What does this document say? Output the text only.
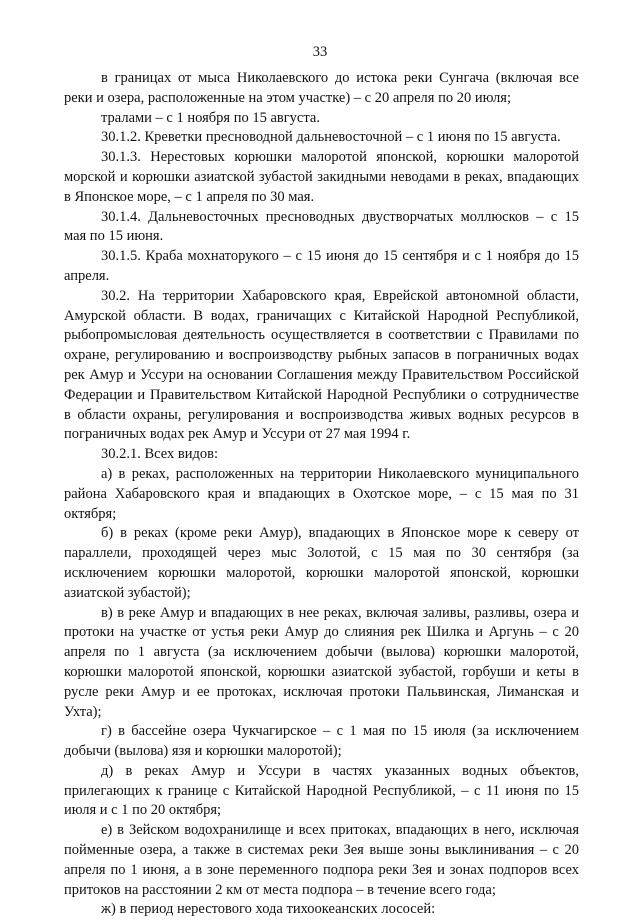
33

в границах от мыса Николаевского до истока реки Сунгача (включая все реки и озера, расположенные на этом участке) – с 20 апреля по 20 июля;

тралами – с 1 ноября по 15 августа.

30.1.2. Креветки пресноводной дальневосточной – с 1 июня по 15 августа.

30.1.3. Нерестовых корюшки малоротой японской, корюшки малоротой морской и корюшки азиатской зубастой закидными неводами в реках, впадающих в Японское море, – с 1 апреля по 30 мая.

30.1.4. Дальневосточных пресноводных двустворчатых моллюсков – с 15 мая по 15 июня.

30.1.5. Краба мохнаторукого – с 15 июня до 15 сентября и с 1 ноября до 15 апреля.

30.2. На территории Хабаровского края, Еврейской автономной области, Амурской области. В водах, граничащих с Китайской Народной Республикой, рыбопромысловая деятельность осуществляется в соответствии с Правилами по охране, регулированию и воспроизводству рыбных запасов в пограничных водах рек Амур и Уссури на основании Соглашения между Правительством Российской Федерации и Правительством Китайской Народной Республики о сотрудничестве в области охраны, регулирования и воспроизводства живых водных ресурсов в пограничных водах рек Амур и Уссури от 27 мая 1994 г.

30.2.1. Всех видов:

а) в реках, расположенных на территории Николаевского муниципального района Хабаровского края и впадающих в Охотское море, – с 15 мая по 31 октября;

б) в реках (кроме реки Амур), впадающих в Японское море к северу от параллели, проходящей через мыс Золотой, с 15 мая по 30 сентября (за исключением корюшки малоротой, корюшки малоротой японской, корюшки азиатской зубастой);

в) в реке Амур и впадающих в нее реках, включая заливы, разливы, озера и протоки на участке от устья реки Амур до слияния рек Шилка и Аргунь – с 20 апреля по 1 августа (за исключением добычи (вылова) корюшки малоротой, корюшки малоротой японской, корюшки азиатской зубастой, горбуши и кеты в русле реки Амур и ее протоках, исключая протоки Пальвинская, Лиманская и Ухта);

г) в бассейне озера Чукчагирское – с 1 мая по 15 июля (за исключением добычи (вылова) язя и корюшки малоротой);

д) в реках Амур и Уссури в частях указанных водных объектов, прилегающих к границе с Китайской Народной Республикой, – с 11 июня по 15 июля и с 1 по 20 октября;

е) в Зейском водохранилище и всех притоках, впадающих в него, исключая пойменные озера, а также в системах реки Зея выше зоны выклинивания – с 20 апреля по 1 июня, а в зоне переменного подпора реки Зея и зонах подпоров всех притоков на расстоянии 2 км от места подпора – в течение всего года;

ж) в период нерестового хода тихоокеанских лососей:
